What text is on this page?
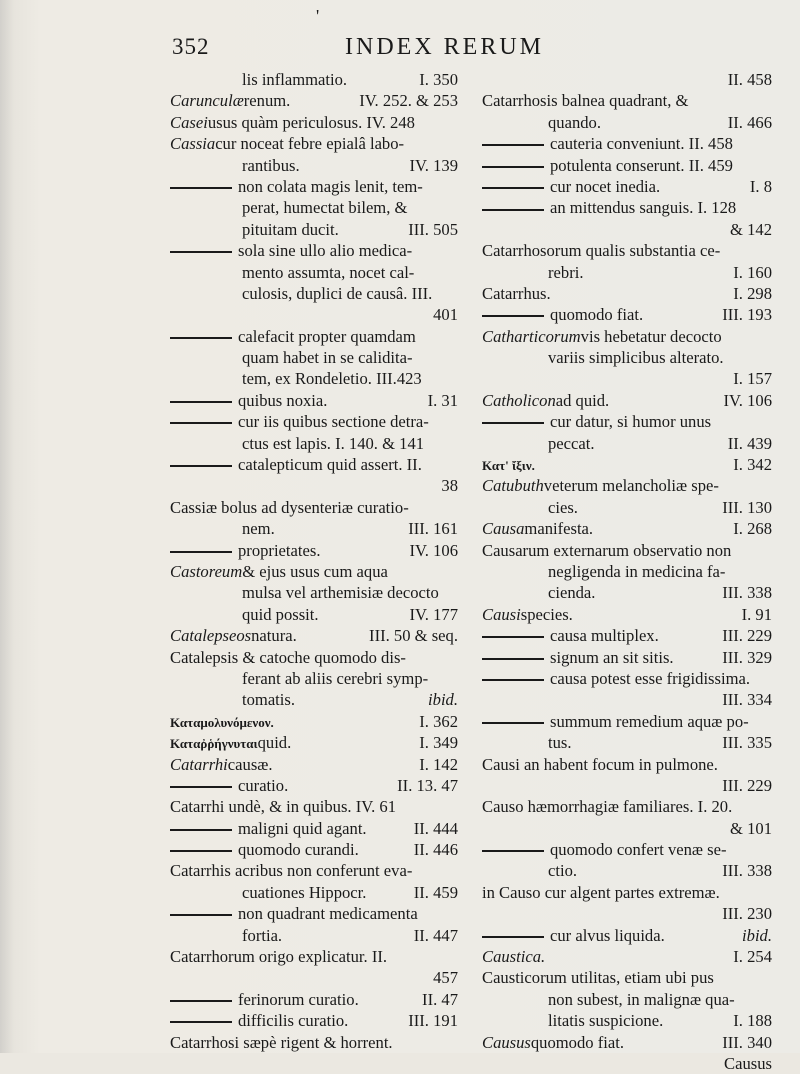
'
352	INDEX RERUM
lis inflammatio.	I. 350
Carunculærenum.	IV. 252. & 253
Caseiusus quàm periculosus. IV. 248
Cassiacur noceat febre epialâ labo-
rantibus.	IV. 139
non colata magis lenit, tem-
perat, humectat bilem, &
pituitam ducit.	III. 505
sola sine ullo alio medica-
mento assumta, nocet cal-
culosis, duplici de causâ. III.
401
calefacit propter quamdam
quam habet in se caliditа-
tem, ex Rondeletio. III.423
quibus noxia.	I. 31
cur iis quibus sectione detra-
ctus est lapis. I. 140. & 141
catalepticum quid assert. II.
38
Cassiæ bolus ad dysenteriæ curatio-
nem.	III. 161
proprietates.	IV. 106
Castoreum& ejus usus cum aqua
mulsa vel arthemisiæ decocto
quid possit.	IV. 177
Catalepseosnatura.	III. 50 & seq.
Catalepsis & catoche quomodo dis-
ferant ab aliis cerebri symp-
tomatis.	ibid.
Καταμολυνόμενον.	I. 362
Καταῤῥήγνυταιquid.	I. 349
Catarrhicausæ.	I. 142
curatio.	II. 13. 47
Catarrhi undè, & in quibus. IV. 61
maligni quid agant.	II. 444
quomodo curandi.	II. 446
Catarrhis acribus non conferunt eva-
cuationes Hippocr.	II. 459
non quadrant medicamenta
fortia.	II. 447
Catarrhorum origo explicatur. II.
457
ferinorum curatio.	II. 47
difficilis curatio.	III. 191
Catarrhosi sæpè rigent & horrent.
II. 458
Catarrhosis balnea quadrant, &
quando.	II. 466
cauteria conveniunt. II. 458
potulenta conserunt. II. 459
cur nocet inedia.	I. 8
an mittendus sanguis. I. 128
& 142
Catarrhosorum qualis substantia ce-
rebri.	I. 160
Catarrhus.	I. 298
quomodo fiat.	III. 193
Catharticorumvis hebetatur decocto
variis simplicibus alterato.
I. 157
Catholiconad quid.	IV. 106
cur datur, si humor unus
peccat.	II. 439
Κατ' ἴξιν.	I. 342
Catubuthveterum melancholiæ spe-
cies.	III. 130
Causamanifesta.	I. 268
Causarum externarum observatio non
negligenda in medicina fa-
cienda.	III. 338
Causispecies.	I. 91
causa multiplex.	III. 229
signum an sit sitis.	III. 329
causa potest esse frigidissima.
III. 334
summum remedium aquæ po-
tus.	III. 335
Causi an habent focum in pulmone.
III. 229
Causo hæmorrhagiæ familiares. I. 20.
& 101
quomodo confert venæ se-
ctio.	III. 338
in Causo cur algent partes extremæ.
III. 230
cur alvus liquida.	ibid.
Caustica.	I. 254
Causticorum utilitas, etiam ubi pus
non subest, in malignæ qua-
litatis suspicione.	I. 188
Caususquomodo fiat.	III. 340
Causus
